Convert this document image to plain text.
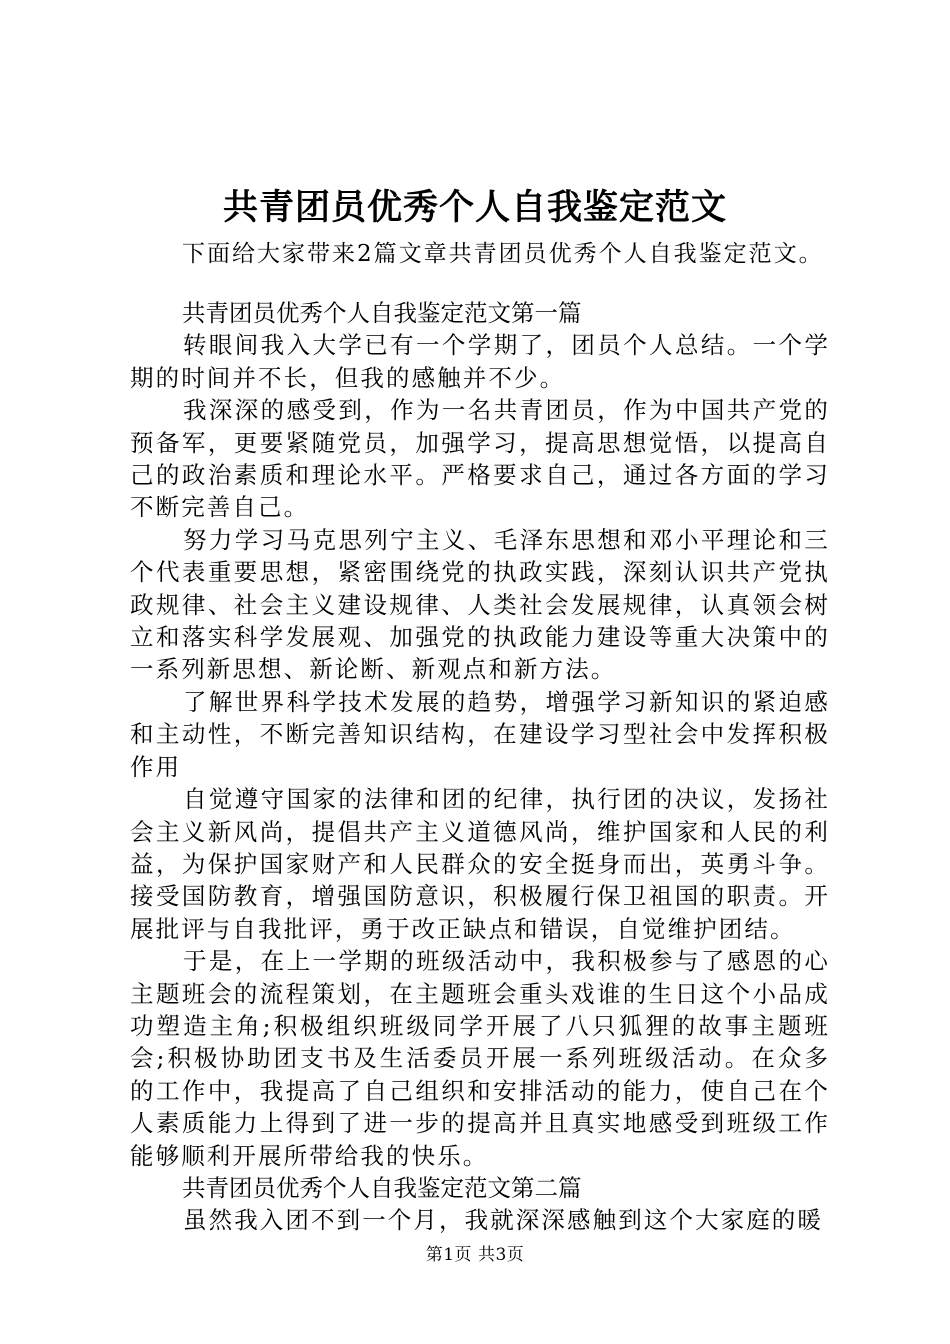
共青团员优秀个人自我鉴定范文
下面给大家带来2篇文章共青团员优秀个人自我鉴定范文。

共青团员优秀个人自我鉴定范文第一篇

转眼间我入大学已有一个学期了，团员个人总结。一个学期的时间并不长，但我的感触并不少。

我深深的感受到，作为一名共青团员，作为中国共产党的预备军，更要紧随党员，加强学习，提高思想觉悟，以提高自己的政治素质和理论水平。严格要求自己，通过各方面的学习不断完善自己。

努力学习马克思列宁主义、毛泽东思想和邓小平理论和三个代表重要思想，紧密围绕党的执政实践，深刻认识共产党执政规律、社会主义建设规律、人类社会发展规律，认真领会树立和落实科学发展观、加强党的执政能力建设等重大决策中的一系列新思想、新论断、新观点和新方法。

了解世界科学技术发展的趋势，增强学习新知识的紧迫感和主动性，不断完善知识结构，在建设学习型社会中发挥积极作用

自觉遵守国家的法律和团的纪律，执行团的决议，发扬社会主义新风尚，提倡共产主义道德风尚，维护国家和人民的利益，为保护国家财产和人民群众的安全挺身而出，英勇斗争。接受国防教育，增强国防意识，积极履行保卫祖国的职责。开展批评与自我批评，勇于改正缺点和错误，自觉维护团结。

于是，在上一学期的班级活动中，我积极参与了感恩的心主题班会的流程策划，在主题班会重头戏谁的生日这个小品成功塑造主角;积极组织班级同学开展了八只狐狸的故事主题班会;积极协助团支书及生活委员开展一系列班级活动。在众多的工作中，我提高了自己组织和安排活动的能力，使自己在个人素质能力上得到了进一步的提高并且真实地感受到班级工作能够顺利开展所带给我的快乐。

共青团员优秀个人自我鉴定范文第二篇

虽然我入团不到一个月，我就深深感触到这个大家庭的暖

第1页 共3页
